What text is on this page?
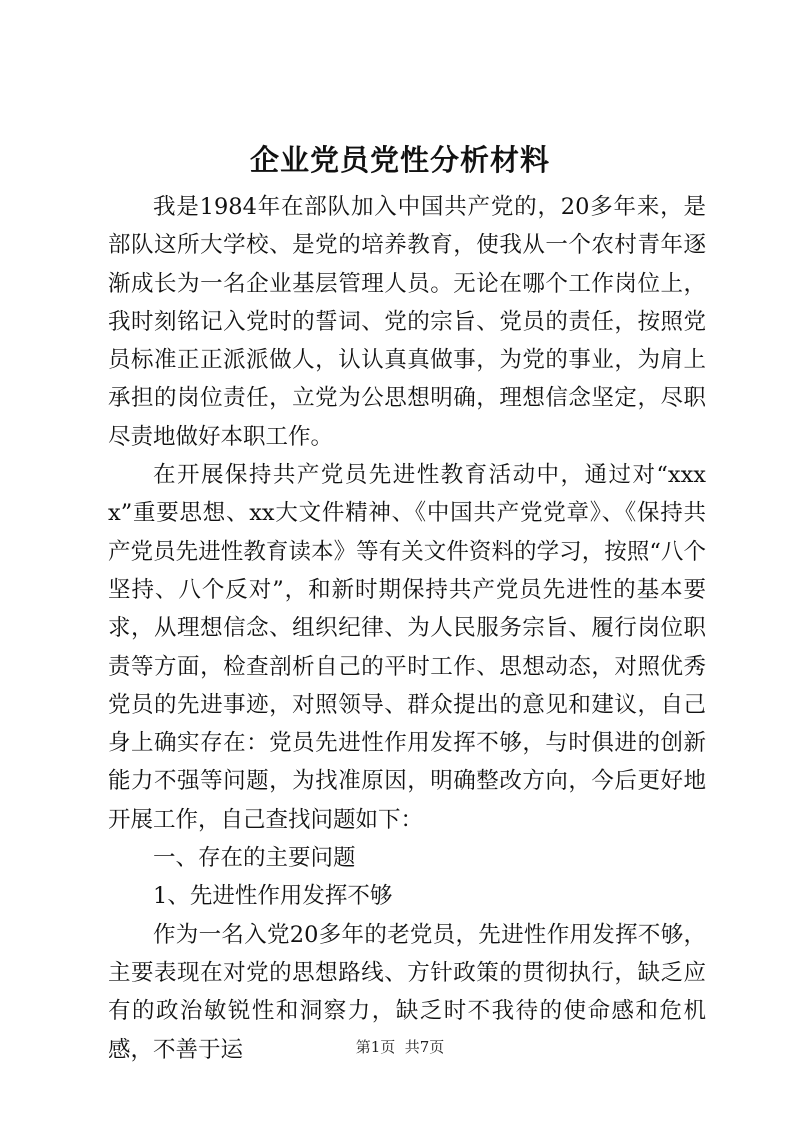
企业党员党性分析材料

我是1984年在部队加入中国共产党的，20多年来，是部队这所大学校、是党的培养教育，使我从一个农村青年逐渐成长为一名企业基层管理人员。无论在哪个工作岗位上，我时刻铭记入党时的誓词、党的宗旨、党员的责任，按照党员标准正正派派做人，认认真真做事，为党的事业，为肩上承担的岗位责任，立党为公思想明确，理想信念坚定，尽职尽责地做好本职工作。

在开展保持共产党员先进性教育活动中，通过对“xxxx”重要思想、xx大文件精神、《中国共产党党章》、《保持共产党员先进性教育读本》等有关文件资料的学习，按照“八个坚持、八个反对”，和新时期保持共产党员先进性的基本要求，从理想信念、组织纪律、为人民服务宗旨、履行岗位职责等方面，检查剖析自己的平时工作、思想动态，对照优秀党员的先进事迹，对照领导、群众提出的意见和建议，自己身上确实存在：党员先进性作用发挥不够，与时俱进的创新能力不强等问题，为找准原因，明确整改方向，今后更好地开展工作，自己查找问题如下：

一、存在的主要问题

1、先进性作用发挥不够

作为一名入党20多年的老党员，先进性作用发挥不够，主要表现在对党的思想路线、方针政策的贯彻执行，缺乏应有的政治敏锐性和洞察力，缺乏时不我待的使命感和危机感，不善于运	第1页  共7页
